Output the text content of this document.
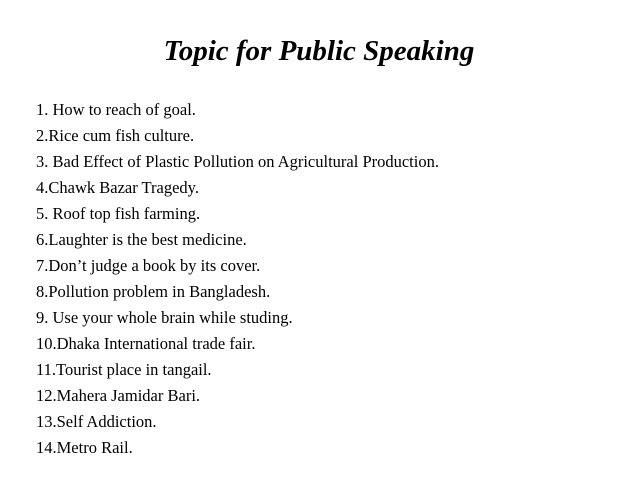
Topic for Public Speaking
1. How to reach of goal.
2.Rice cum fish culture.
3. Bad Effect of Plastic Pollution on Agricultural Production.
4.Chawk Bazar Tragedy.
5. Roof top fish farming.
6.Laughter is the best medicine.
7.Don’t judge a book by its cover.
8.Pollution problem in Bangladesh.
9. Use your whole brain while studing.
10.Dhaka International trade fair.
11.Tourist place in tangail.
12.Mahera Jamidar Bari.
13.Self Addiction.
14.Metro Rail.
